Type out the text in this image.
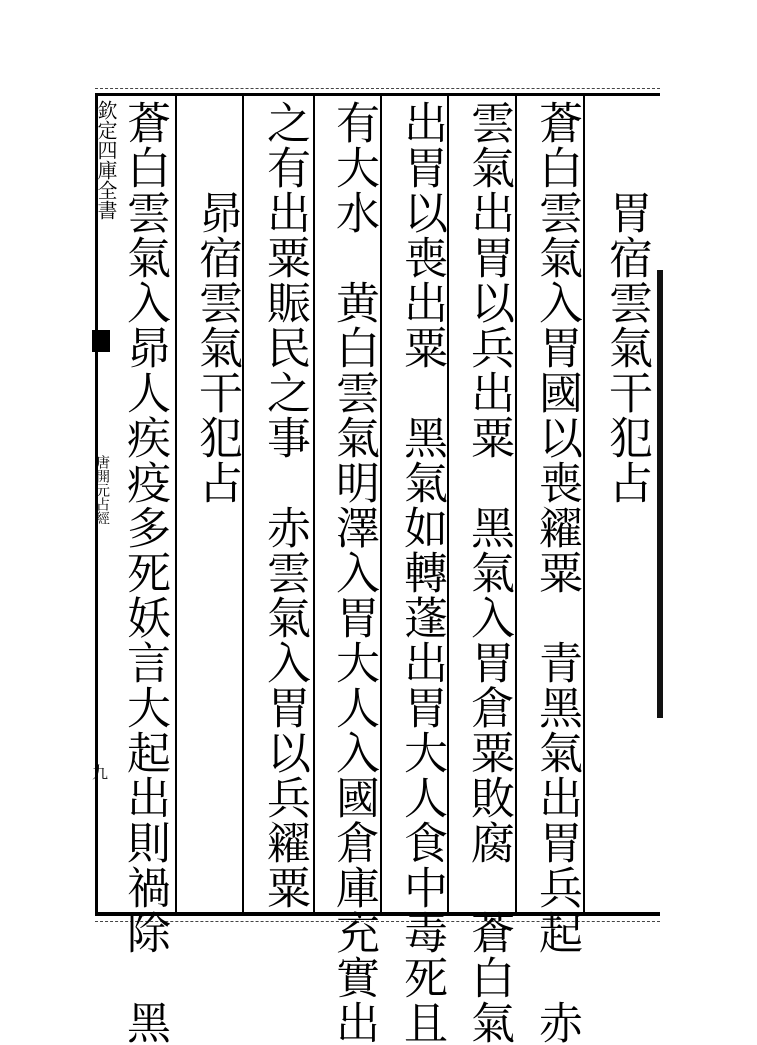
欽定四庫全書
唐開元占經
九
胃宿雲氣干犯占
蒼白雲氣入胃國以喪糴粟　青黑氣出胃兵起　赤
雲氣出胃以兵出粟　黑氣入胃倉粟敗腐　蒼白氣
出胃以喪出粟　黑氣如轉蓬出胃大人食中毒死且
有大水　黄白雲氣明澤入胃大人入國倉庫充實出
之有出粟賑民之事　赤雲氣入胃以兵糴粟
昴宿雲氣干犯占
蒼白雲氣入昴人疾疫多死妖言大起出則禍除　黑
